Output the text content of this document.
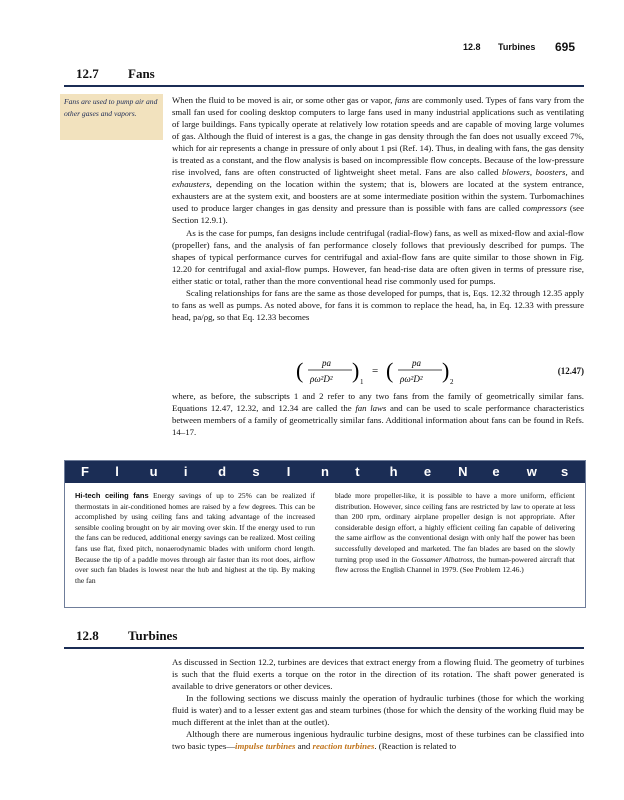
12.8 Turbines 695
12.7 Fans
Fans are used to pump air and other gases and vapors.

When the fluid to be moved is air, or some other gas or vapor, fans are commonly used. Types of fans vary from the small fan used for cooling desktop computers to large fans used in many industrial applications such as ventilating of large buildings. Fans typically operate at relatively low rotation speeds and are capable of moving large volumes of gas. Although the fluid of interest is a gas, the change in gas density through the fan does not usually exceed 7%, which for air represents a change in pressure of only about 1 psi (Ref. 14). Thus, in dealing with fans, the gas density is treated as a constant, and the flow analysis is based on incompressible flow concepts. Because of the low-pressure rise involved, fans are often constructed of lightweight sheet metal. Fans are also called blowers, boosters, and exhausters, depending on the location within the system; that is, blowers are located at the system entrance, exhausters are at the system exit, and boosters are at some intermediate position within the system. Turbomachines used to produce larger changes in gas density and pressure than is possible with fans are called compressors (see Section 12.9.1).

As is the case for pumps, fan designs include centrifugal (radial-flow) fans, as well as mixed-flow and axial-flow (propeller) fans, and the analysis of fan performance closely follows that previously described for pumps. The shapes of typical performance curves for centrifugal and axial-flow fans are quite similar to those shown in Fig. 12.20 for centrifugal and axial-flow pumps. However, fan head-rise data are often given in terms of pressure rise, either static or total, rather than the more conventional head rise commonly used for pumps.

Scaling relationships for fans are the same as those developed for pumps, that is, Eqs. 12.32 through 12.35 apply to fans as well as pumps. As noted above, for fans it is common to replace the head, ha, in Eq. 12.33 with pressure head, pa/ρg, so that Eq. 12.33 becomes

( pa
ρω²D² ) 1
= ( pa
ρω²D² ) 2
(12.47)

where, as before, the subscripts 1 and 2 refer to any two fans from the family of geometrically similar fans. Equations 12.47, 12.32, and 12.34 are called the fan laws and can be used to scale performance characteristics between members of a family of geometrically similar fans. Additional information about fans can be found in Refs. 14–17.

F l u i d s I n t h e N e w s
Hi-tech ceiling fans Energy savings of up to 25% can be realized if thermostats in air-conditioned homes are raised by a few degrees. This can be accomplished by using ceiling fans and taking advantage of the increased sensible cooling brought on by air moving over skin. If the energy used to run the fans can be reduced, additional energy savings can be realized. Most ceiling fans use flat, fixed pitch, nonaerodynamic blades with uniform chord length. Because the tip of a paddle moves through air faster than its root does, airflow over such fan blades is lowest near the hub and highest at the tip. By making the fan
blade more propeller-like, it is possible to have a more uniform, efficient distribution. However, since ceiling fans are restricted by law to operate at less than 200 rpm, ordinary airplane propeller design is not appropriate. After considerable design effort, a highly efficient ceiling fan capable of delivering the same airflow as the conventional design with only half the power has been successfully developed and marketed. The fan blades are based on the slowly turning prop used in the Gossamer Albatross, the human-powered aircraft that flew across the English Channel in 1979. (See Problem 12.46.)
12.8 Turbines

As discussed in Section 12.2, turbines are devices that extract energy from a flowing fluid. The geometry of turbines is such that the fluid exerts a torque on the rotor in the direction of its rotation. The shaft power generated is available to drive generators or other devices.

In the following sections we discuss mainly the operation of hydraulic turbines (those for which the working fluid is water) and to a lesser extent gas and steam turbines (those for which the density of the working fluid may be much different at the inlet than at the outlet).

Although there are numerous ingenious hydraulic turbine designs, most of these turbines can be classified into two basic types—impulse turbines and reaction turbines. (Reaction is related to
